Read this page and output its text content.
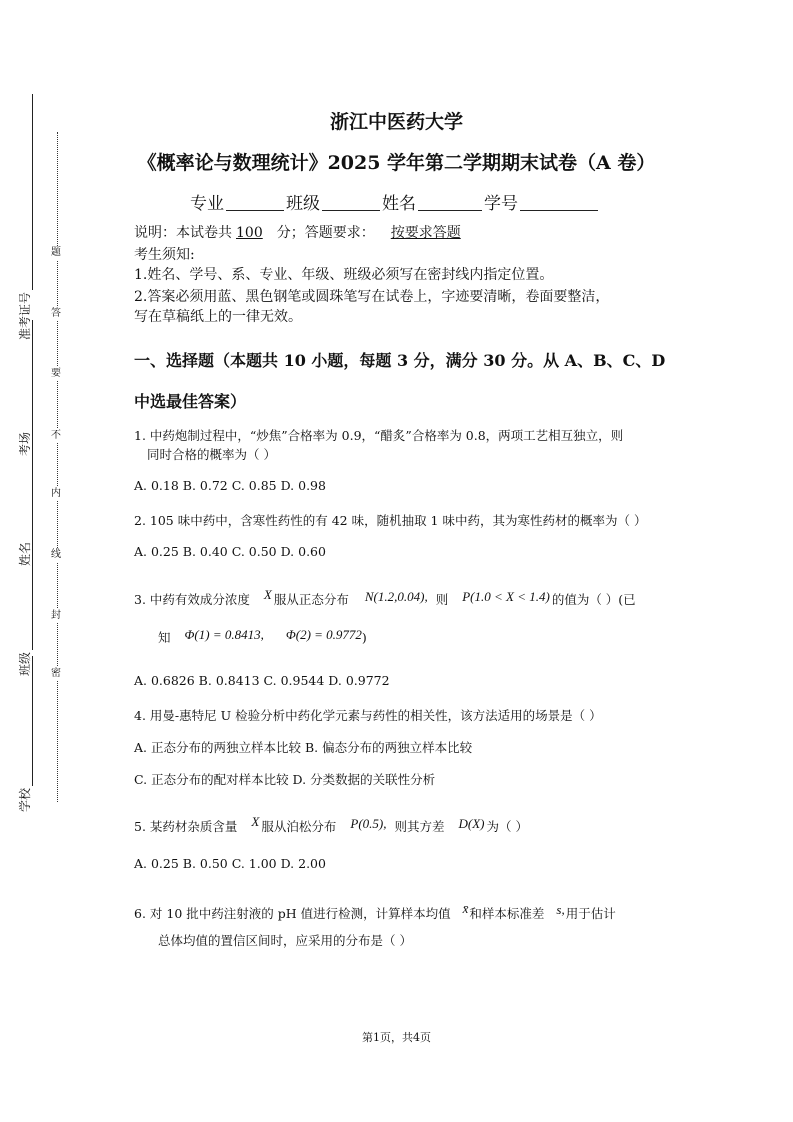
题
答
要
不
内
线
封
密
准考证号
考场
姓名
班级
学校
浙江中医药大学
《概率论与数理统计》2025 学年第二学期期末试卷（A 卷）
专业	班级	姓名	学号
说明：本试卷共 100 分；答题要求： 按要求答题
考生须知:
1.姓名、学号、系、专业、年级、班级必须写在密封线内指定位置。
2.答案必须用蓝、黑色钢笔或圆珠笔写在试卷上，字迹要清晰，卷面要整洁，
写在草稿纸上的一律无效。
一、选择题（本题共 10 小题，每题 3 分，满分 30 分。从 A、B、C、D
中选最佳答案）
1. 中药炮制过程中，“炒焦”合格率为 0.9，“醋炙”合格率为 0.8，两项工艺相互独立，则
同时合格的概率为（ ）
A. 0.18 B. 0.72 C. 0.85 D. 0.98
2. 105 味中药中，含寒性药性的有 42 味，随机抽取 1 味中药，其为寒性药材的概率为（ ）
A. 0.25 B. 0.40 C. 0.50 D. 0.60
3. 中药有效成分浓度 X 服从正态分布 N(1.2,0.04), 则 P(1.0 < X < 1.4) 的值为（ ）(已
知 Φ(1) = 0.8413, Φ(2) = 0.9772)
A. 0.6826 B. 0.8413 C. 0.9544 D. 0.9772
4. 用曼-惠特尼 U 检验分析中药化学元素与药性的相关性，该方法适用的场景是（ ）
A. 正态分布的两独立样本比较 B. 偏态分布的两独立样本比较
C. 正态分布的配对样本比较 D. 分类数据的关联性分析
5. 某药材杂质含量 X 服从泊松分布 P(0.5), 则其方差 D(X) 为（ ）
A. 0.25 B. 0.50 C. 1.00 D. 2.00
6. 对 10 批中药注射液的 pH 值进行检测，计算样本均值 x̄和样本标准差 s,用于估计
总体均值的置信区间时，应采用的分布是（ ）
第1页，共4页
